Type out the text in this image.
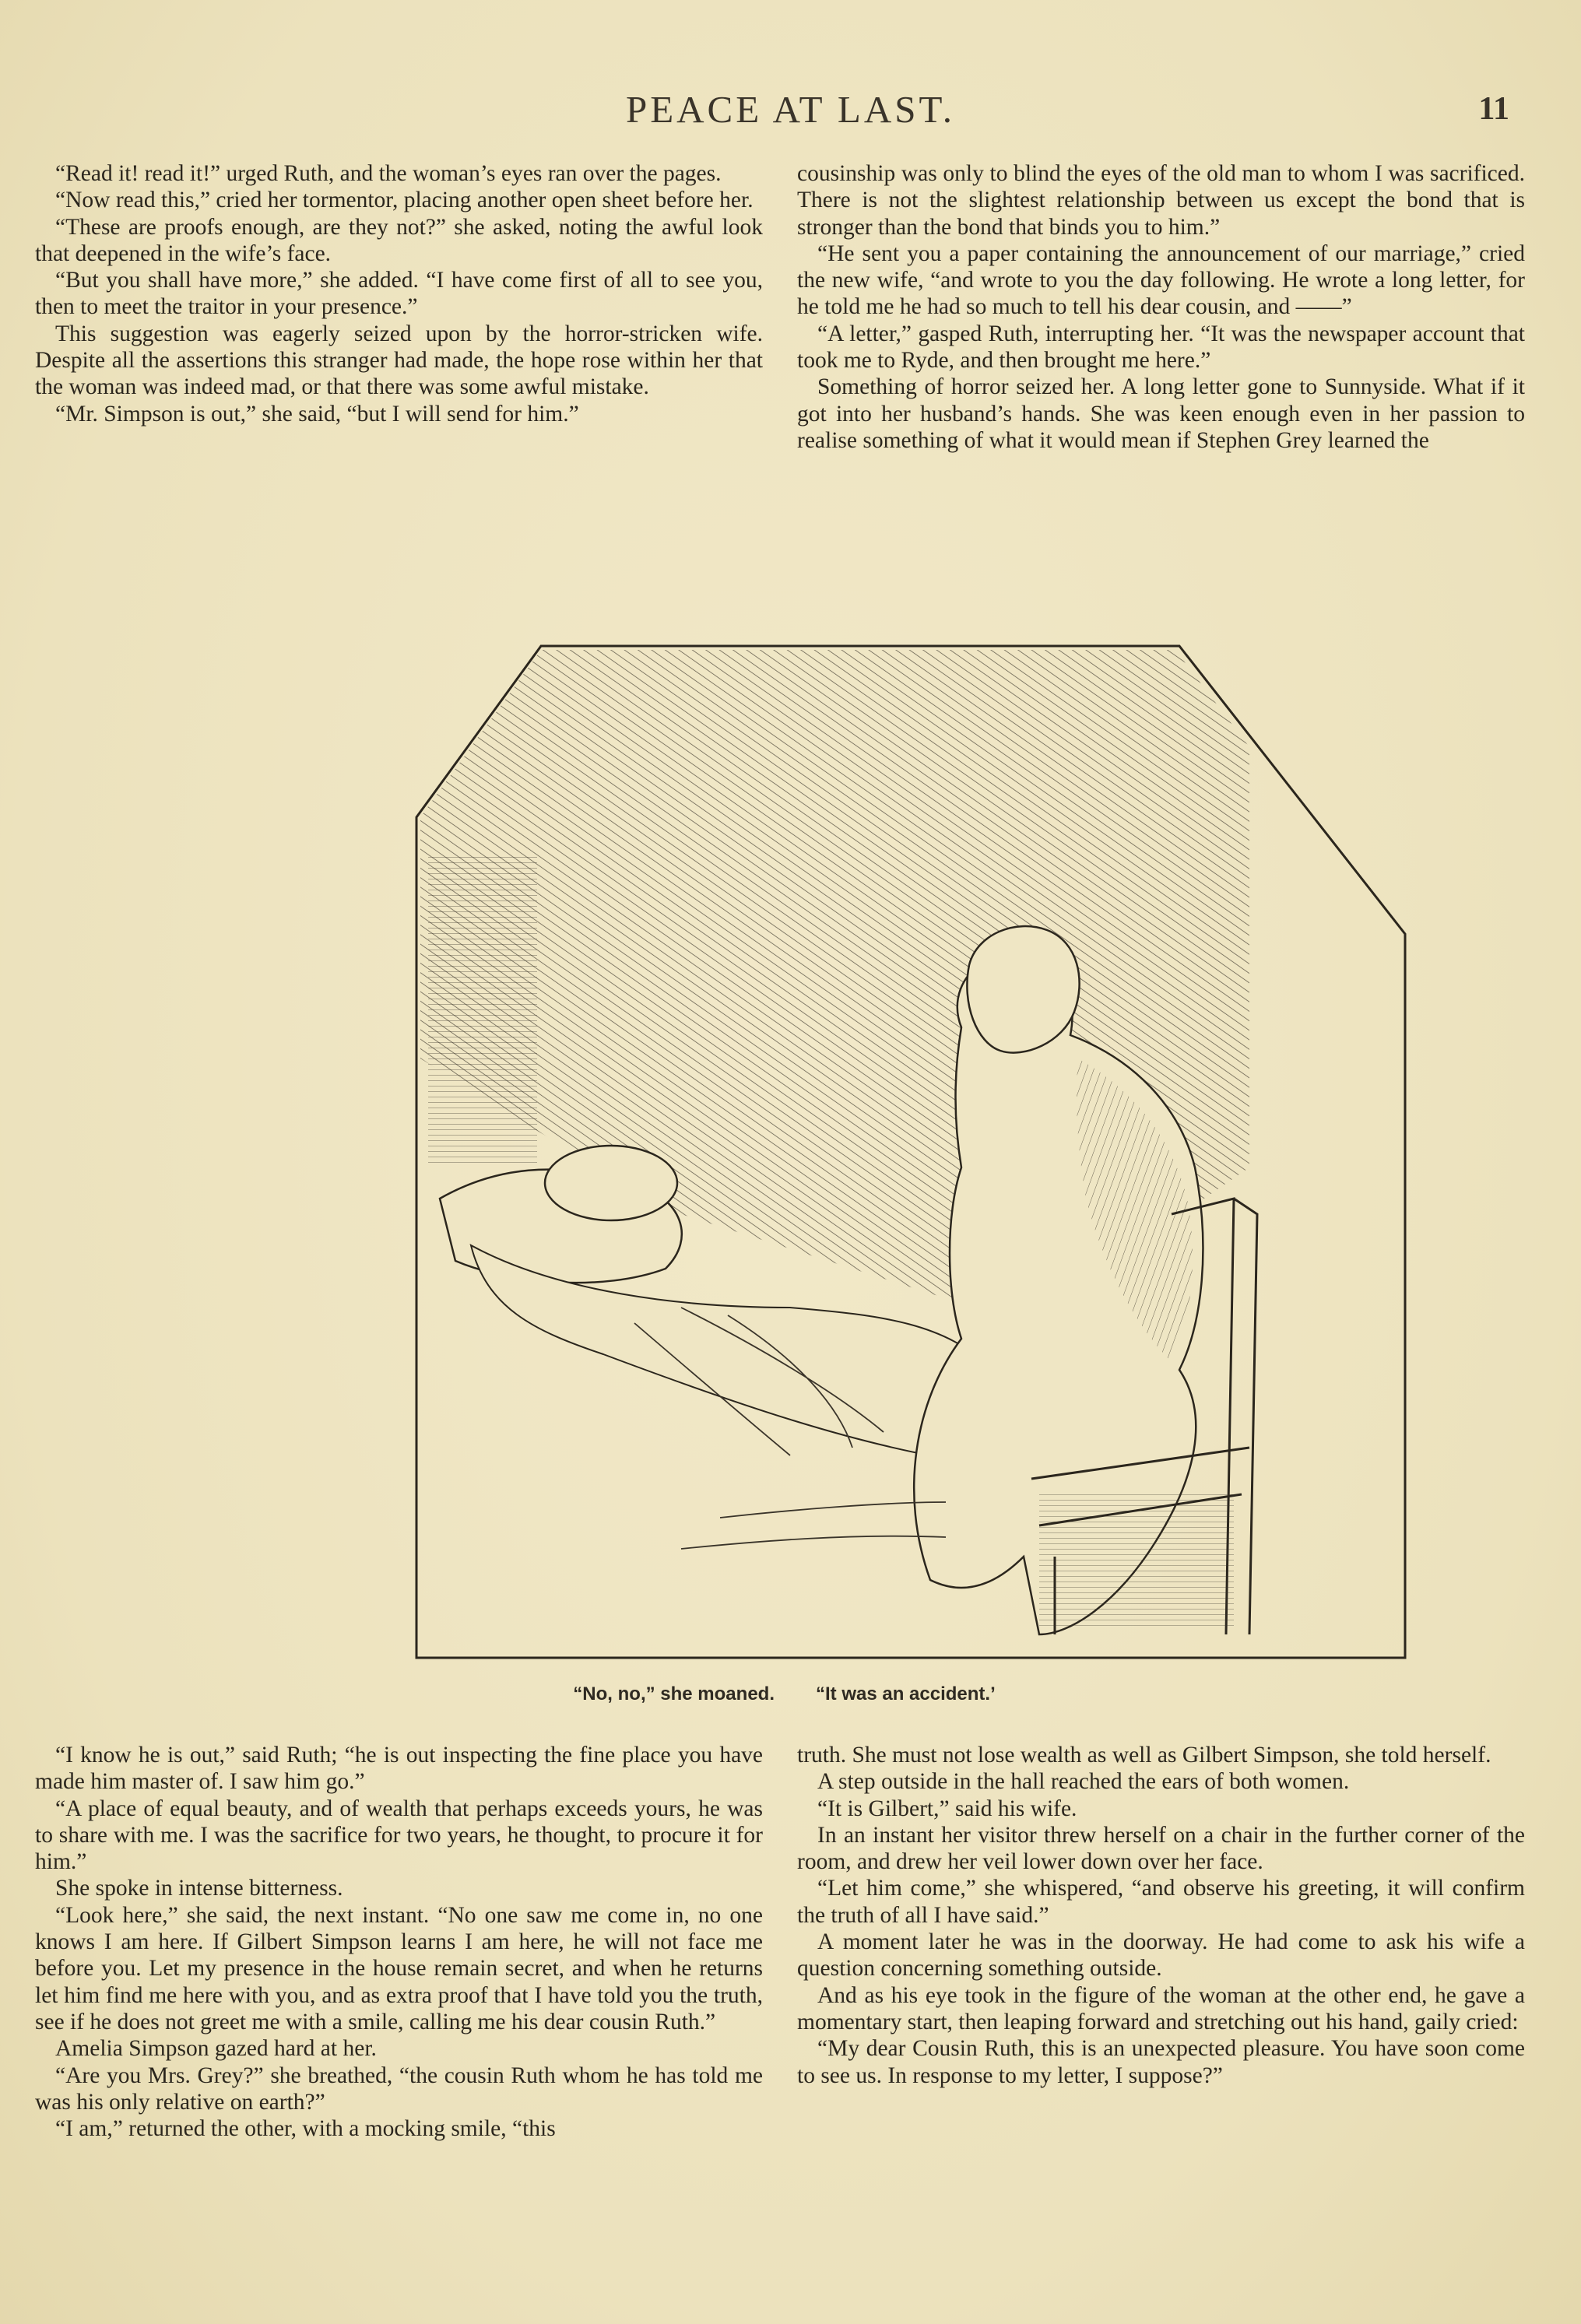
PEACE AT LAST.	11

“Read it! read it!” urged Ruth, and the woman’s eyes ran over the pages.

“Now read this,” cried her tormentor, placing another open sheet before her.

“These are proofs enough, are they not?” she asked, noting the awful look that deepened in the wife’s face.

“But you shall have more,” she added. “I have come first of all to see you, then to meet the traitor in your presence.”

This suggestion was eagerly seized upon by the horror-stricken wife. Despite all the assertions this stranger had made, the hope rose within her that the woman was indeed mad, or that there was some awful mistake.

“Mr. Simpson is out,” she said, “but I will send for him.”

cousinship was only to blind the eyes of the old man to whom I was sacrificed. There is not the slightest relationship between us except the bond that is stronger than the bond that binds you to him.”

“He sent you a paper containing the announcement of our marriage,” cried the new wife, “and wrote to you the day following. He wrote a long letter, for he told me he had so much to tell his dear cousin, and ——”

“A letter,” gasped Ruth, interrupting her. “It was the newspaper account that took me to Ryde, and then brought me here.”

Something of horror seized her. A long letter gone to Sunnyside. What if it got into her husband’s hands. She was keen enough even in her passion to realise something of what it would mean if Stephen Grey learned the

“No, no,” she moaned. “It was an accident.’

“I know he is out,” said Ruth; “he is out inspecting the fine place you have made him master of. I saw him go.”

“A place of equal beauty, and of wealth that perhaps exceeds yours, he was to share with me. I was the sacrifice for two years, he thought, to procure it for him.”

She spoke in intense bitterness.

“Look here,” she said, the next instant. “No one saw me come in, no one knows I am here. If Gilbert Simpson learns I am here, he will not face me before you. Let my presence in the house remain secret, and when he returns let him find me here with you, and as extra proof that I have told you the truth, see if he does not greet me with a smile, calling me his dear cousin Ruth.”

Amelia Simpson gazed hard at her.

“Are you Mrs. Grey?” she breathed, “the cousin Ruth whom he has told me was his only relative on earth?”

“I am,” returned the other, with a mocking smile, “this

truth. She must not lose wealth as well as Gilbert Simpson, she told herself.

A step outside in the hall reached the ears of both women.

“It is Gilbert,” said his wife.

In an instant her visitor threw herself on a chair in the further corner of the room, and drew her veil lower down over her face.

“Let him come,” she whispered, “and observe his greeting, it will confirm the truth of all I have said.”

A moment later he was in the doorway. He had come to ask his wife a question concerning something outside.

And as his eye took in the figure of the woman at the other end, he gave a momentary start, then leaping forward and stretching out his hand, gaily cried:

“My dear Cousin Ruth, this is an unexpected pleasure. You have soon come to see us. In response to my letter, I suppose?”
